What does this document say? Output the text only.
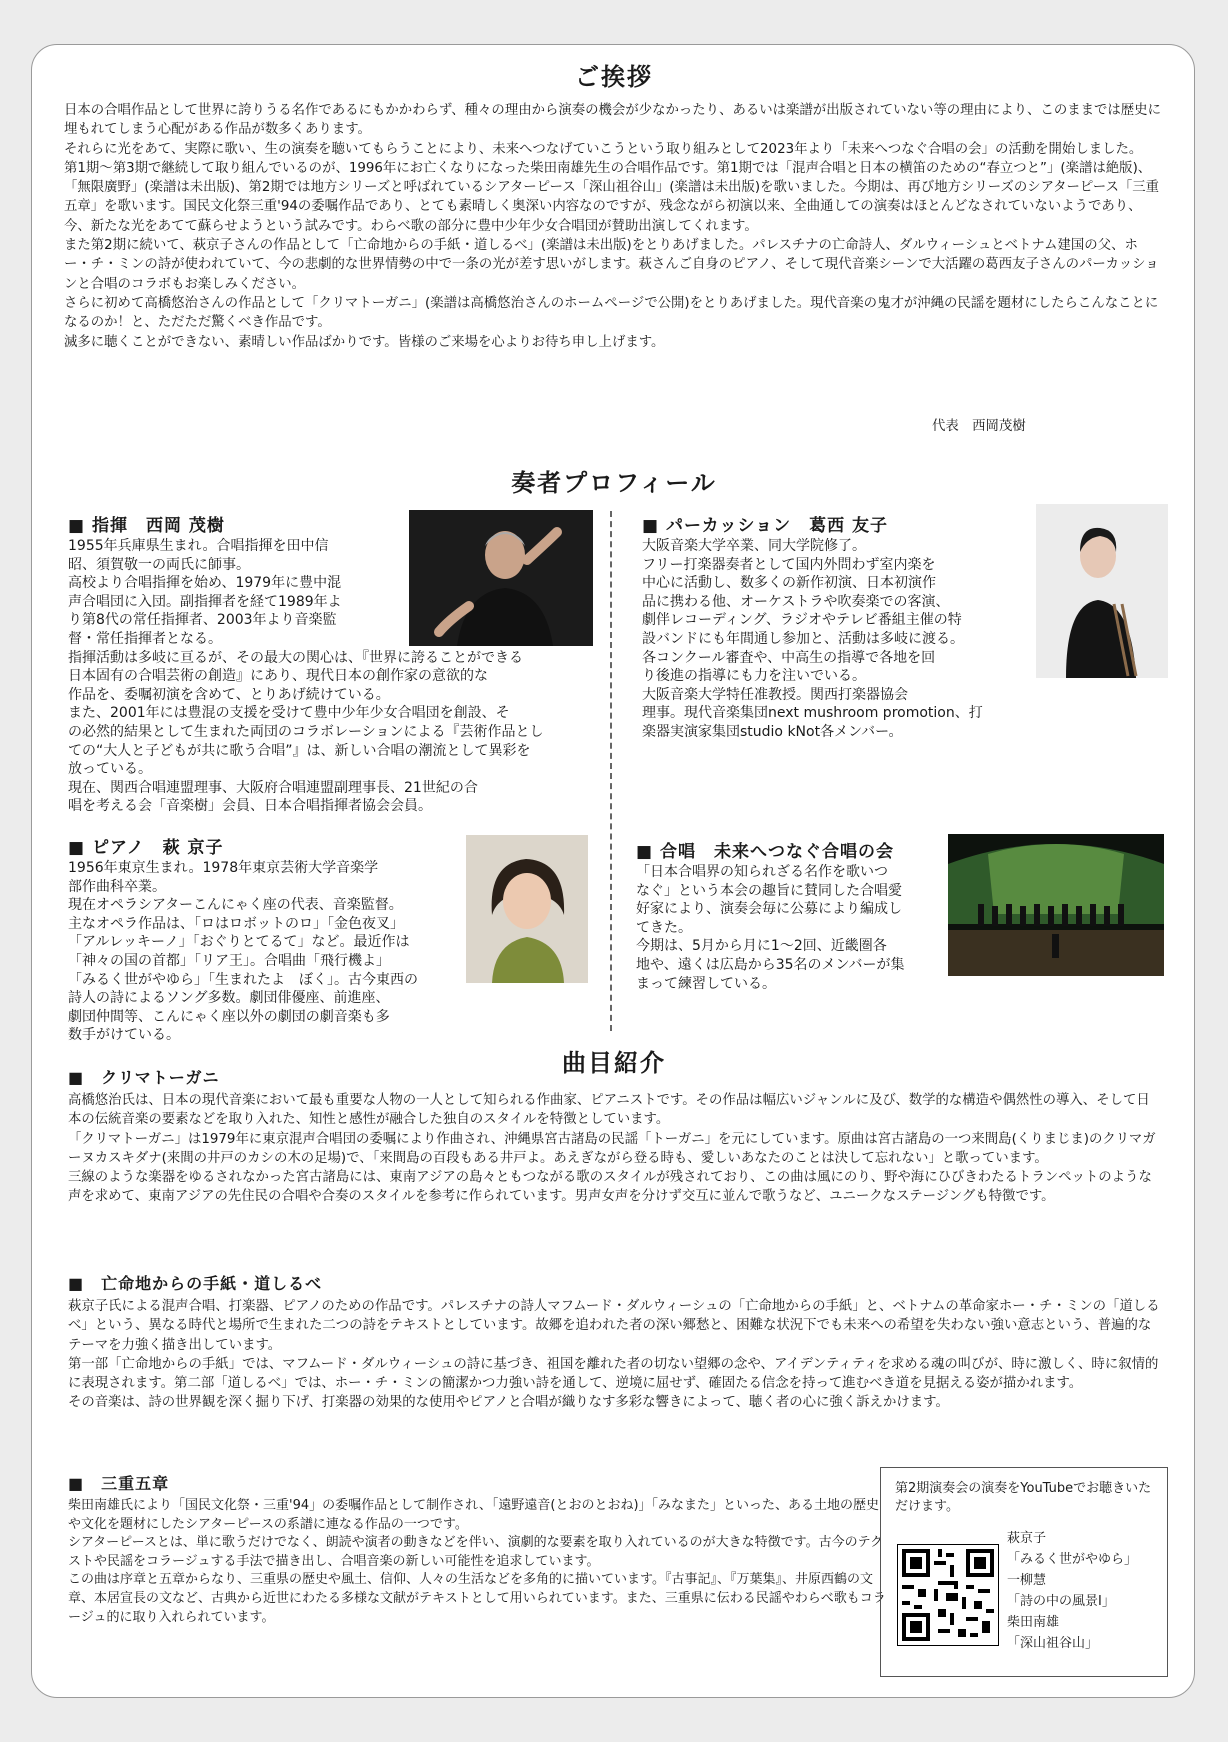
ご挨拶

日本の合唱作品として世界に誇りうる名作であるにもかかわらず、種々の理由から演奏の機会が少なかったり、あるいは楽譜が出版されていない等の理由により、このままでは歴史に埋もれてしまう心配がある作品が数多くあります。

それらに光をあて、実際に歌い、生の演奏を聴いてもらうことにより、未来へつなげていこうという取り組みとして2023年より「未来へつなぐ合唱の会」の活動を開始しました。

第1期〜第3期で継続して取り組んでいるのが、1996年にお亡くなりになった柴田南雄先生の合唱作品です。第1期では「混声合唱と日本の横笛のための“春立つと”」(楽譜は絶版)、「無限廣野」(楽譜は未出版)、第2期では地方シリーズと呼ばれているシアターピース「深山祖谷山」(楽譜は未出版)を歌いました。今期は、再び地方シリーズのシアターピース「三重五章」を歌います。国民文化祭三重'94の委嘱作品であり、とても素晴しく奥深い内容なのですが、残念ながら初演以来、全曲通しての演奏はほとんどなされていないようであり、今、新たな光をあてて蘇らせようという試みです。わらべ歌の部分に豊中少年少女合唱団が賛助出演してくれます。

また第2期に続いて、萩京子さんの作品として「亡命地からの手紙・道しるべ」(楽譜は未出版)をとりあげました。パレスチナの亡命詩人、ダルウィーシュとベトナム建国の父、ホー・チ・ミンの詩が使われていて、今の悲劇的な世界情勢の中で一条の光が差す思いがします。萩さんご自身のピアノ、そして現代音楽シーンで大活躍の葛西友子さんのパーカッションと合唱のコラボもお楽しみください。

さらに初めて高橋悠治さんの作品として「クリマトーガニ」(楽譜は高橋悠治さんのホームページで公開)をとりあげました。現代音楽の鬼才が沖縄の民謡を題材にしたらこんなことになるのか！と、ただただ驚くべき作品です。

滅多に聴くことができない、素晴しい作品ばかりです。皆様のご来場を心よりお待ち申し上げます。

代表　西岡茂樹
奏者プロフィール
■ 指揮　西岡 茂樹

1955年兵庫県生まれ。合唱指揮を田中信

昭、須賀敬一の両氏に師事。

高校より合唱指揮を始め、1979年に豊中混

声合唱団に入団。副指揮者を経て1989年よ

り第8代の常任指揮者、2003年より音楽監

督・常任指揮者となる。

指揮活動は多岐に亘るが、その最大の関心は、『世界に誇ることができる

日本固有の合唱芸術の創造』にあり、現代日本の創作家の意欲的な

作品を、委嘱初演を含めて、とりあげ続けている。

また、2001年には豊混の支援を受けて豊中少年少女合唱団を創設、そ

の必然的結果として生まれた両団のコラボレーションによる『芸術作品とし

ての“大人と子どもが共に歌う合唱”』は、新しい合唱の潮流として異彩を

放っている。

現在、関西合唱連盟理事、大阪府合唱連盟副理事長、21世紀の合

唱を考える会「音楽樹」会員、日本合唱指揮者協会会員。

■ パーカッション　葛西 友子

大阪音楽大学卒業、同大学院修了。

フリー打楽器奏者として国内外問わず室内楽を

中心に活動し、数多くの新作初演、日本初演作

品に携わる他、オーケストラや吹奏楽での客演、

劇伴レコーディング、ラジオやテレビ番組主催の特

設バンドにも年間通し参加と、活動は多岐に渡る。

各コンクール審査や、中高生の指導で各地を回

り後進の指導にも力を注いでいる。

大阪音楽大学特任准教授。関西打楽器協会

理事。現代音楽集団next mushroom promotion、打

楽器実演家集団studio kNot各メンバー。

■ ピアノ　萩 京子

1956年東京生まれ。1978年東京芸術大学音楽学

部作曲科卒業。

現在オペラシアターこんにゃく座の代表、音楽監督。

主なオペラ作品は、「ロはロボットのロ」「金色夜叉」

「アルレッキーノ」「おぐりとてるて」など。最近作は

「神々の国の首都」「リア王」。合唱曲「飛行機よ」

「みるく世がやゆら」「生まれたよ　ぼく」。古今東西の

詩人の詩によるソング多数。劇団俳優座、前進座、

劇団仲間等、こんにゃく座以外の劇団の劇音楽も多

数手がけている。

■ 合唱　未来へつなぐ合唱の会

「日本合唱界の知られざる名作を歌いつ

なぐ」という本会の趣旨に賛同した合唱愛

好家により、演奏会毎に公募により編成し

てきた。

今期は、5月から月に1〜2回、近畿圏各

地や、遠くは広島から35名のメンバーが集

まって練習している。

曲目紹介
■　クリマトーガニ

高橋悠治氏は、日本の現代音楽において最も重要な人物の一人として知られる作曲家、ピアニストです。その作品は幅広いジャンルに及び、数学的な構造や偶然性の導入、そして日本の伝統音楽の要素などを取り入れた、知性と感性が融合した独自のスタイルを特徴としています。

「クリマトーガニ」は1979年に東京混声合唱団の委嘱により作曲され、沖縄県宮古諸島の民謡「トーガニ」を元にしています。原曲は宮古諸島の一つ来間島(くりまじま)のクリマガーヌカスキダナ(来間の井戸のカシの木の足場)で、「来間島の百段もある井戸よ。あえぎながら登る時も、愛しいあなたのことは決して忘れない」と歌っています。

三線のような楽器をゆるされなかった宮古諸島には、東南アジアの島々ともつながる歌のスタイルが残されており、この曲は風にのり、野や海にひびきわたるトランペットのような声を求めて、東南アジアの先住民の合唱や合奏のスタイルを参考に作られています。男声女声を分けず交互に並んで歌うなど、ユニークなステージングも特徴です。

■　亡命地からの手紙・道しるべ

萩京子氏による混声合唱、打楽器、ピアノのための作品です。パレスチナの詩人マフムード・ダルウィーシュの「亡命地からの手紙」と、ベトナムの革命家ホー・チ・ミンの「道しるべ」という、異なる時代と場所で生まれた二つの詩をテキストとしています。故郷を追われた者の深い郷愁と、困難な状況下でも未来への希望を失わない強い意志という、普遍的なテーマを力強く描き出しています。

第一部「亡命地からの手紙」では、マフムード・ダルウィーシュの詩に基づき、祖国を離れた者の切ない望郷の念や、アイデンティティを求める魂の叫びが、時に激しく、時に叙情的に表現されます。第二部「道しるべ」では、ホー・チ・ミンの簡潔かつ力強い詩を通して、逆境に屈せず、確固たる信念を持って進むべき道を見据える姿が描かれます。

その音楽は、詩の世界観を深く掘り下げ、打楽器の効果的な使用やピアノと合唱が織りなす多彩な響きによって、聴く者の心に強く訴えかけます。

■　三重五章

柴田南雄氏により「国民文化祭・三重'94」の委嘱作品として制作され、「遠野遠音(とおのとおね)」「みなまた」といった、ある土地の歴史や文化を題材にしたシアターピースの系譜に連なる作品の一つです。

シアターピースとは、単に歌うだけでなく、朗読や演者の動きなどを伴い、演劇的な要素を取り入れているのが大きな特徴です。古今のテクストや民謡をコラージュする手法で描き出し、合唱音楽の新しい可能性を追求しています。

この曲は序章と五章からなり、三重県の歴史や風土、信仰、人々の生活などを多角的に描いています。『古事記』、『万葉集』、井原西鶴の文章、本居宣長の文など、古典から近世にわたる多様な文献がテキストとして用いられています。また、三重県に伝わる民謡やわらべ歌もコラージュ的に取り入れられています。

第2期演奏会の演奏をYouTubeでお聴きいただけます。
萩京子
「みるく世がやゆら」
一柳慧
「詩の中の風景Ⅰ」
柴田南雄
「深山祖谷山」
